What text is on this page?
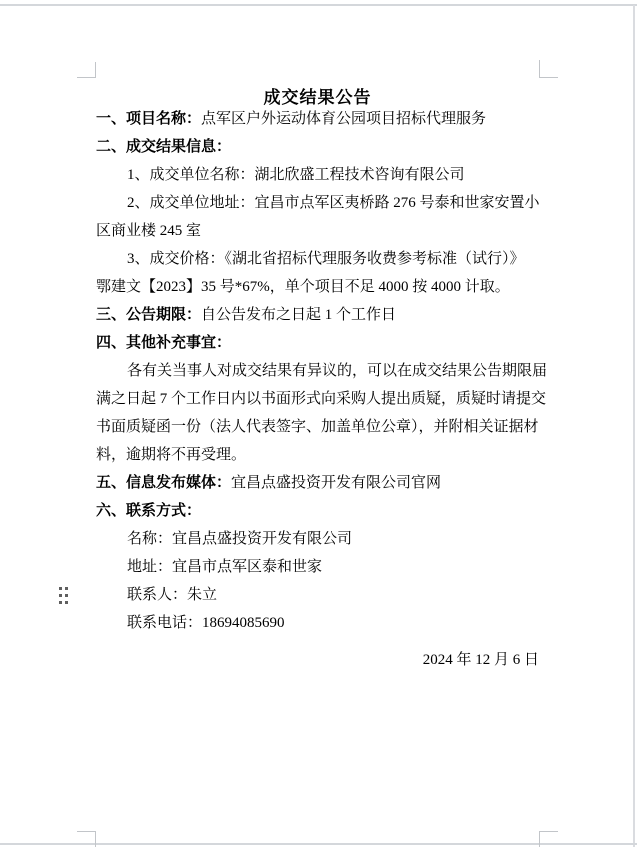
成交结果公告
一、项目名称：点军区户外运动体育公园项目招标代理服务
二、成交结果信息：
1、成交单位名称：湖北欣盛工程技术咨询有限公司
2、成交单位地址：宜昌市点军区夷桥路 276 号泰和世家安置小
区商业楼 245 室
3、成交价格：《湖北省招标代理服务收费参考标准（试行）》
鄂建文【2023】35 号*67%，单个项目不足 4000 按 4000 计取。
三、公告期限：自公告发布之日起 1 个工作日
四、其他补充事宜：
各有关当事人对成交结果有异议的，可以在成交结果公告期限届
满之日起 7 个工作日内以书面形式向采购人提出质疑，质疑时请提交
书面质疑函一份（法人代表签字、加盖单位公章），并附相关证据材
料，逾期将不再受理。
五、信息发布媒体：宜昌点盛投资开发有限公司官网
六、联系方式：
名称：宜昌点盛投资开发有限公司
地址：宜昌市点军区泰和世家
联系人：朱立
联系电话：18694085690
2024 年 12 月 6 日
